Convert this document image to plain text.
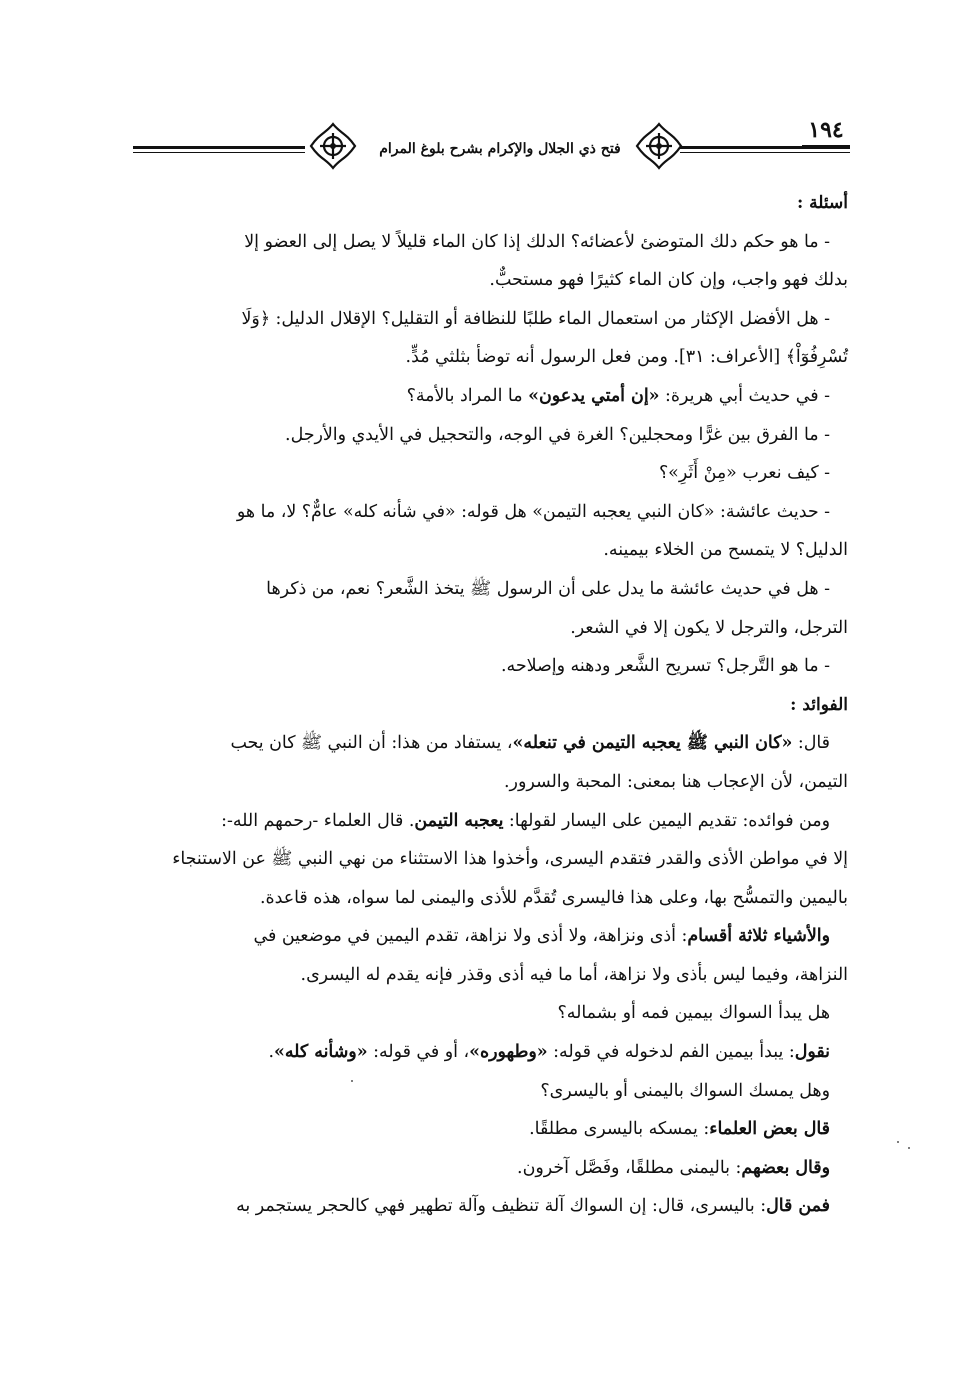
١٩٤
فتح ذي الجلال والإكرام بشرح بلوغ المرام

أسئلة :

- ما هو حكم دلك المتوضئ لأعضائه؟ الدلك إذا كان الماء قليلاً لا يصل إلى العضو إلا

بدلك فهو واجب، وإن كان الماء كثيرًا فهو مستحبٌّ.

- هل الأفضل الإكثار من استعمال الماء طلبًا للنظافة أو التقليل؟ الإقلال الدليل: ﴿وَلَا

تُسْرِفُوٓاْ﴾ [الأعراف: ٣١]. ومن فعل الرسول أنه توضأ بثلثي مُدٍّ.

- في حديث أبي هريرة: «إن أمتي يدعون» ما المراد بالأمة؟

- ما الفرق بين غرًّا ومحجلين؟ الغرة في الوجه، والتحجيل في الأيدي والأرجل.

- كيف نعرب «مِنْ أَثَرِ»؟

- حديث عائشة: «كان النبي يعجبه التيمن» هل قوله: «في شأنه كله» عامٌّ؟ لا، ما هو

الدليل؟ لا يتمسح من الخلاء بيمينه.

- هل في حديث عائشة ما يدل على أن الرسول ﷺ يتخذ الشَّعر؟ نعم، من ذكرها

الترجل، والترجل لا يكون إلا في الشعر.

- ما هو التَّرجل؟ تسريح الشَّعر ودهنه وإصلاحه.

الفوائد :

قال: «كان النبي ﷺ يعجبه التيمن في تنعله»، يستفاد من هذا: أن النبي ﷺ كان يحب

التيمن، لأن الإعجاب هنا بمعنى: المحبة والسرور.

ومن فوائده: تقديم اليمين على اليسار لقولها: يعجبه التيمن. قال العلماء -رحمهم الله-:

إلا في مواطن الأذى والقدر فتقدم اليسرى، وأخذوا هذا الاستثناء من نهي النبي ﷺ عن الاستنجاء

باليمين والتمسُّح بها، وعلى هذا فاليسرى تُقدَّم للأذى واليمنى لما سواه، هذه قاعدة.

والأشياء ثلاثة أقسام: أذى ونزاهة، ولا أذى ولا نزاهة، تقدم اليمين في موضعين في

النزاهة، وفيما ليس بأذى ولا نزاهة، أما ما فيه أذى وقذر فإنه يقدم له اليسرى.

هل يبدأ السواك بيمين فمه أو بشماله؟

نقول: يبدأ بيمين الفم لدخوله في قوله: «وطهوره»، أو في قوله: «وشأنه كله».

وهل يمسك السواك باليمنى أو باليسرى؟

قال بعض العلماء: يمسكه باليسرى مطلقًا.

وقال بعضهم: باليمنى مطلقًا، وفَصَّل آخرون.

فمن قال: باليسرى، قال: إن السواك آلة تنظيف وآلة تطهير فهي كالحجر يستجمر به
